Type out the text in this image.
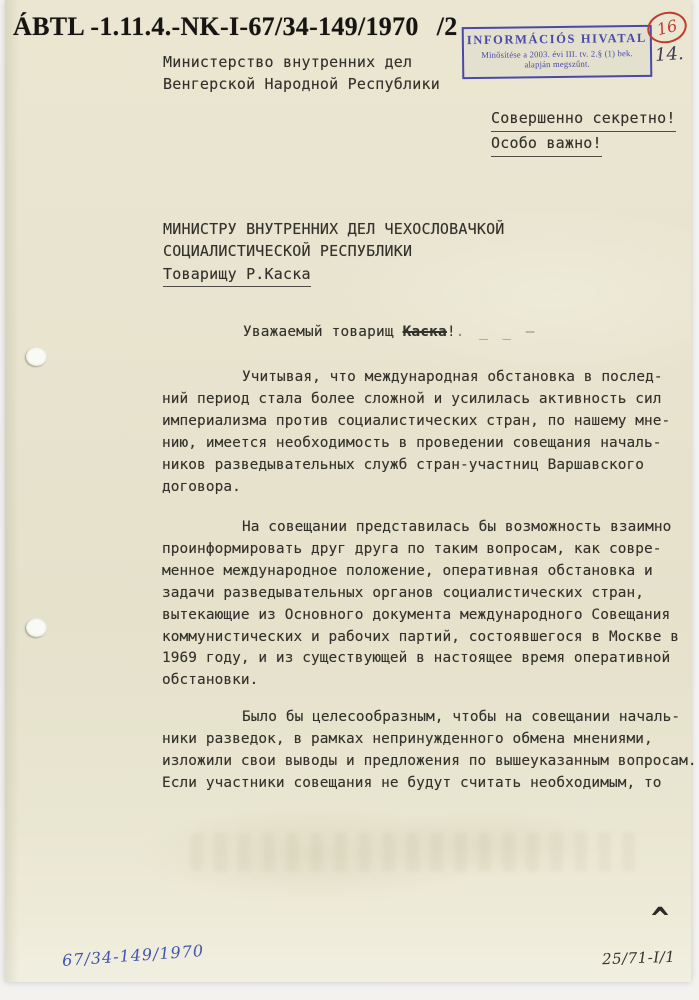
ÁBTL -1.11.4.-NK-I-67/34-149/1970 /2
Министерство внутренних дел
Венгерской Народной Республики
INFORMÁCIÓS HIVATAL
Minősítése a 2003. évi III. tv. 2.§ (1) bek.
alapján megszűnt.
16
14.
Совершенно секретно!
Особо важно!
МИНИСТРУ ВНУТРЕННИХ ДЕЛ ЧЕХОСЛОВАЧКОЙ
СОЦИАЛИСТИЧЕСКОЙ РЕСПУБЛИКИ
Товарищу Р.Каска
Уважаемый товарищ Каска!. _ _ –

Учитывая, что международная обстановка в послед-
ний период стала более сложной и усилилась активность сил
империализма против социалистических стран, по нашему мне-
нию, имеется необходимость в проведении совещания началь-
ников разведывательных служб стран-участниц Варшавского
договора.
На совещании представилась бы возможность взаимно
проинформировать друг друга по таким вопросам, как совре-
менное международное положение, оперативная обстановка и
задачи разведывательных органов социалистических стран,
вытекающие из Основного документа международного Совещания
коммунистических и рабочих партий, состоявшегося в Москве в
1969 году, и из существующей в настоящее время оперативной
обстановки.
Было бы целесообразным, чтобы на совещании началь-
ники разведок, в рамках непринужденного обмена мнениями,
изложили свои выводы и предложения по вышеуказанным вопросам.
Если участники совещания не будут считать необходимым, то
^
67/34-149/1970	25/71-I/1
